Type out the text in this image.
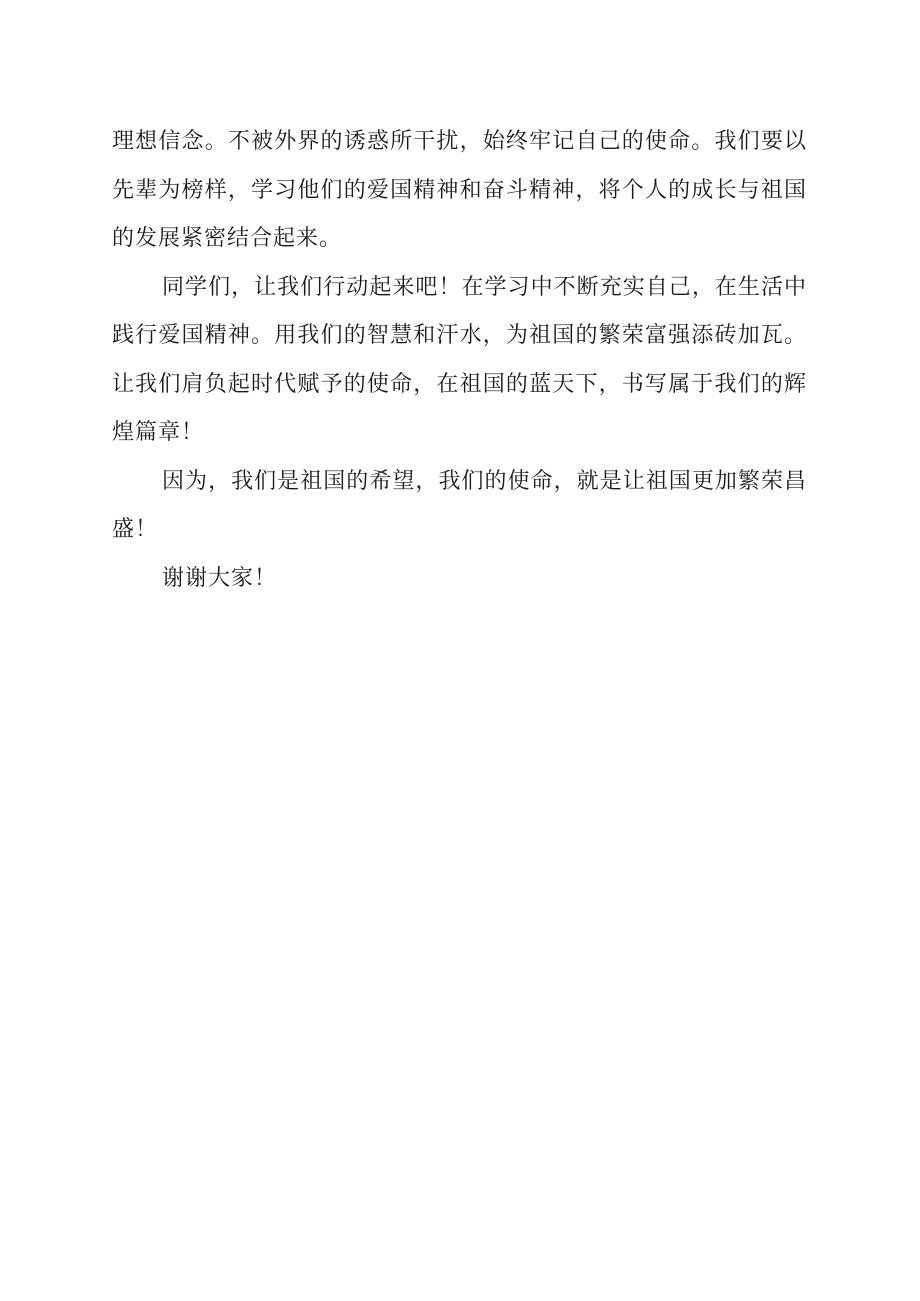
理想信念。不被外界的诱惑所干扰，始终牢记自己的使命。我们要以
先辈为榜样，学习他们的爱国精神和奋斗精神，将个人的成长与祖国
的发展紧密结合起来。
同学们，让我们行动起来吧！在学习中不断充实自己，在生活中
践行爱国精神。用我们的智慧和汗水，为祖国的繁荣富强添砖加瓦。
让我们肩负起时代赋予的使命，在祖国的蓝天下，书写属于我们的辉
煌篇章！
因为，我们是祖国的希望，我们的使命，就是让祖国更加繁荣昌
盛！
谢谢大家！
